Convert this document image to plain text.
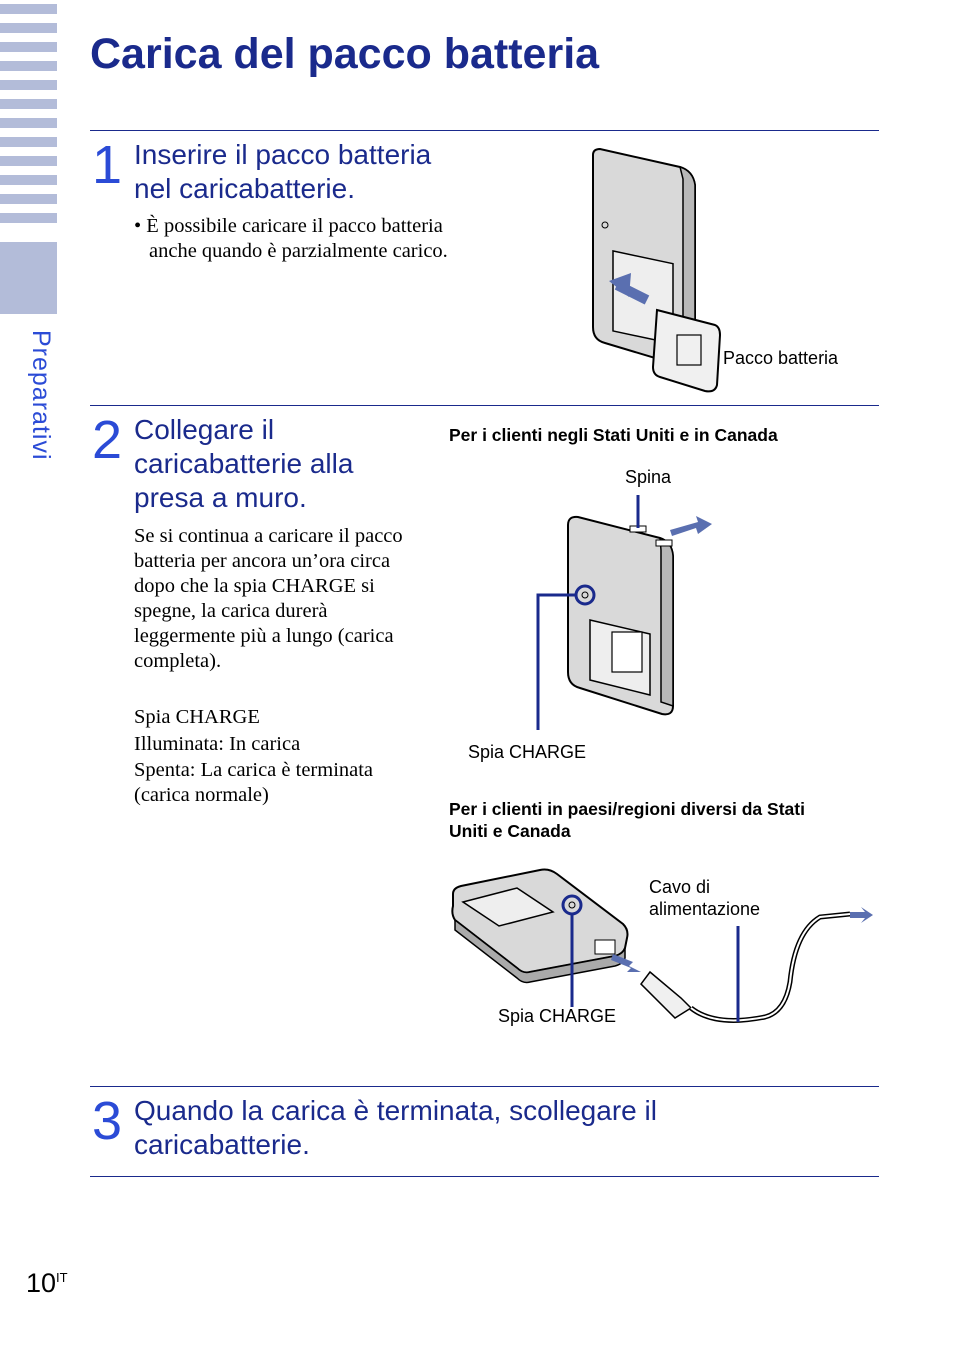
Preparativi
Carica del pacco batteria
1 Inserire il pacco batteria
nel caricabatterie.
• È possibile caricare il pacco batteria
anche quando è parzialmente carico.
Pacco batteria
2 Collegare il
caricabatterie alla
presa a muro.
Se si continua a caricare il pacco
batteria per ancora un’ora circa
dopo che la spia CHARGE si
spegne, la carica durerà
leggermente più a lungo (carica
completa).
Spia CHARGE
Illuminata: In carica
Spenta: La carica è terminata
(carica normale)
Per i clienti negli Stati Uniti e in Canada
Spina
Spia CHARGE
Per i clienti in paesi/regioni diversi da Stati
Uniti e Canada
Cavo di
alimentazione
Spia CHARGE
3 Quando la carica è terminata, scollegare il
caricabatterie.
$10^{IT}$
